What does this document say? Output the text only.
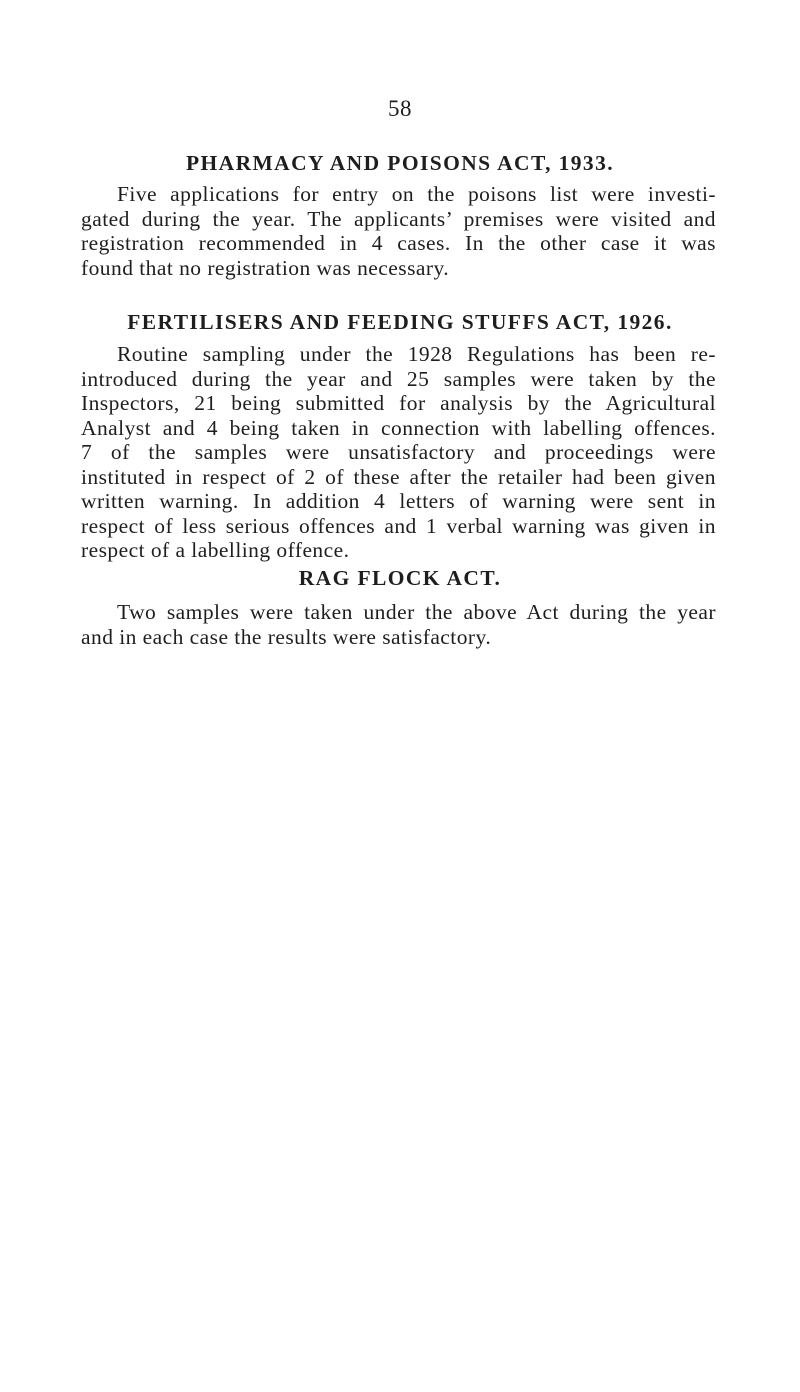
58
PHARMACY AND POISONS ACT, 1933.
Five applications for entry on the poisons list were investi-
gated during the year. The applicants’ premises were visited and
registration recommended in 4 cases. In the other case it was
found that no registration was necessary.
FERTILISERS AND FEEDING STUFFS ACT, 1926.
Routine sampling under the 1928 Regulations has been re-
introduced during the year and 25 samples were taken by the
Inspectors, 21 being submitted for analysis by the Agricultural
Analyst and 4 being taken in connection with labelling offences.
7 of the samples were unsatisfactory and proceedings were
instituted in respect of 2 of these after the retailer had been given
written warning. In addition 4 letters of warning were sent in
respect of less serious offences and 1 verbal warning was given in
respect of a labelling offence.
RAG FLOCK ACT.
Two samples were taken under the above Act during the year
and in each case the results were satisfactory.
